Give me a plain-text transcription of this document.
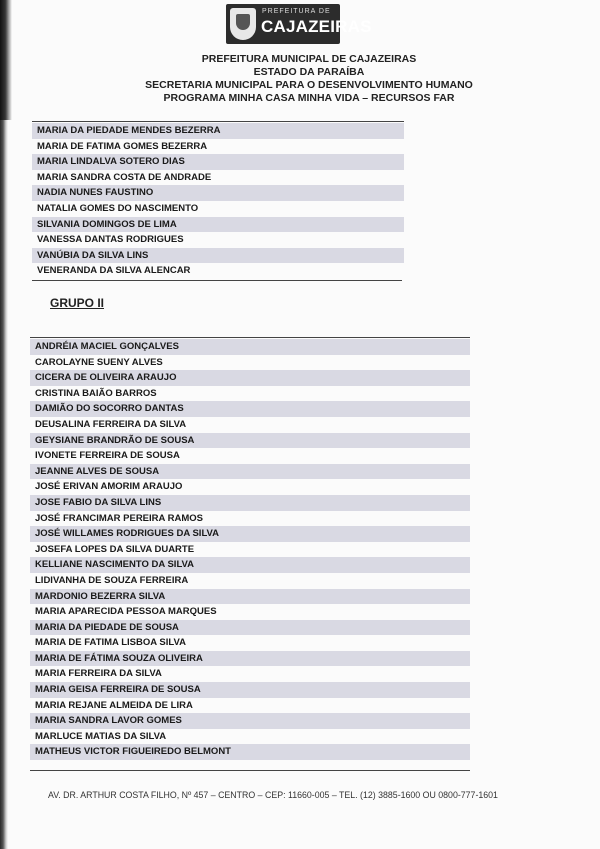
PREFEITURA DE
CAJAZEIRAS
PREFEITURA MUNICIPAL DE CAJAZEIRAS
ESTADO DA PARAÍBA
SECRETARIA MUNICIPAL PARA O DESENVOLVIMENTO HUMANO
PROGRAMA MINHA CASA MINHA VIDA – RECURSOS FAR
MARIA DA PIEDADE MENDES BEZERRA
MARIA DE FATIMA GOMES BEZERRA
MARIA LINDALVA SOTERO DIAS
MARIA SANDRA COSTA DE ANDRADE
NADIA NUNES FAUSTINO
NATALIA GOMES DO NASCIMENTO
SILVANIA DOMINGOS DE LIMA
VANESSA DANTAS RODRIGUES
VANÚBIA DA SILVA LINS
VENERANDA DA SILVA ALENCAR
GRUPO II
ANDRÉIA MACIEL GONÇALVES
CAROLAYNE SUENY ALVES
CICERA DE OLIVEIRA ARAUJO
CRISTINA BAIÃO BARROS
DAMIÃO DO SOCORRO DANTAS
DEUSALINA FERREIRA DA SILVA
GEYSIANE BRANDRÃO DE SOUSA
IVONETE FERREIRA DE SOUSA
JEANNE ALVES DE SOUSA
JOSÉ ERIVAN AMORIM ARAUJO
JOSE FABIO DA SILVA LINS
JOSÉ FRANCIMAR PEREIRA RAMOS
JOSÉ WILLAMES RODRIGUES DA SILVA
JOSEFA LOPES DA SILVA DUARTE
KELLIANE NASCIMENTO DA SILVA
LIDIVANHA DE SOUZA FERREIRA
MARDONIO BEZERRA SILVA
MARIA APARECIDA PESSOA MARQUES
MARIA DA PIEDADE DE SOUSA
MARIA DE FATIMA LISBOA SILVA
MARIA DE FÁTIMA SOUZA OLIVEIRA
MARIA FERREIRA DA SILVA
MARIA GEISA FERREIRA DE SOUSA
MARIA REJANE ALMEIDA DE LIRA
MARIA SANDRA LAVOR GOMES
MARLUCE MATIAS DA SILVA
MATHEUS VICTOR FIGUEIREDO BELMONT
AV. DR. ARTHUR COSTA FILHO, Nº 457 – CENTRO – CEP: 11660-005 – TEL. (12) 3885-1600 OU 0800-777-1601
